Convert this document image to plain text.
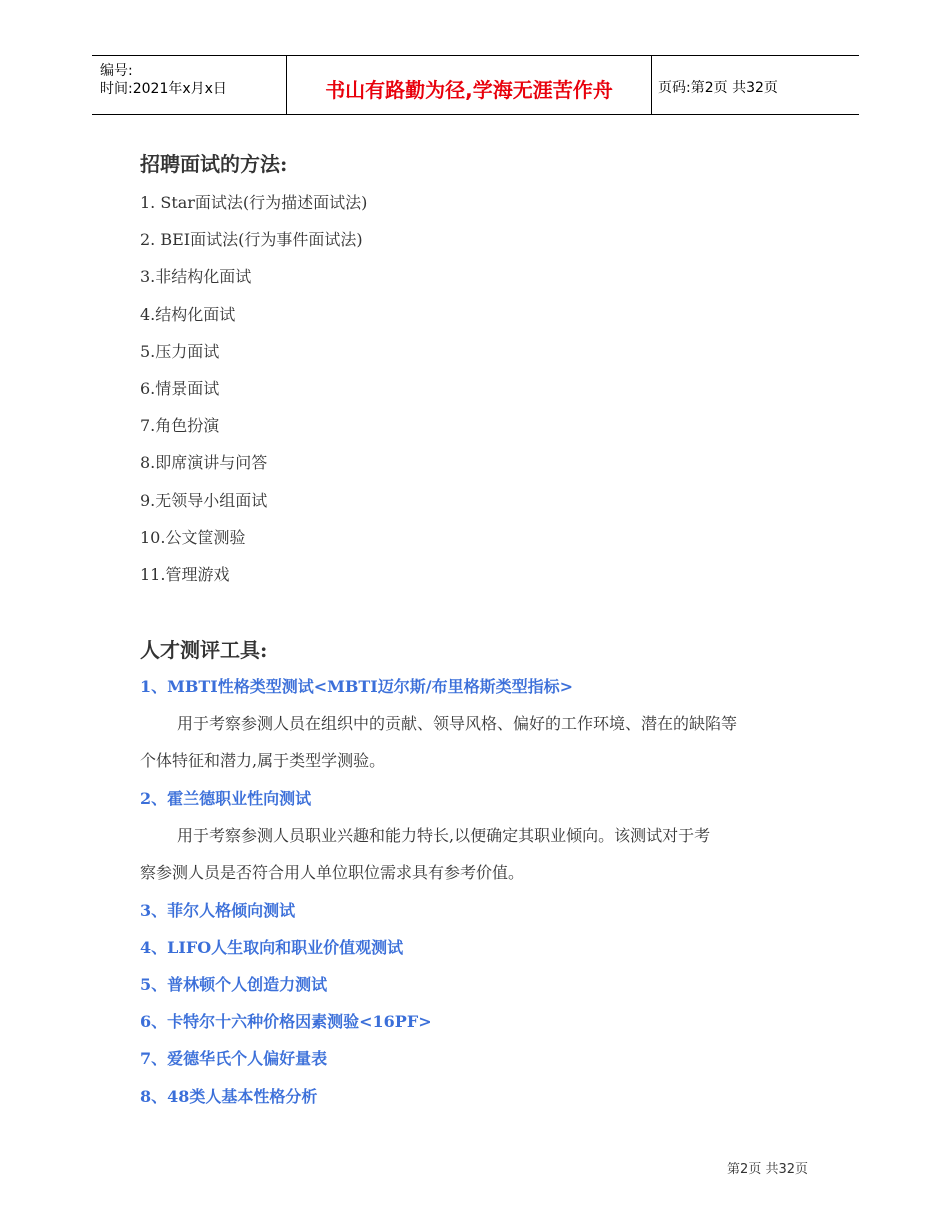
编号:
时间:2021年x月x日	书山有路勤为径,学海无涯苦作舟	页码:第2页 共32页
招聘面试的方法:
1. Star面试法(行为描述面试法)
2. BEI面试法(行为事件面试法)
3.非结构化面试
4.结构化面试
5.压力面试
6.情景面试
7.角色扮演
8.即席演讲与问答
9.无领导小组面试
10.公文筐测验
11.管理游戏
人才测评工具:
1、MBTI性格类型测试<MBTI迈尔斯/布里格斯类型指标>
用于考察参测人员在组织中的贡献、领导风格、偏好的工作环境、潜在的缺陷等
个体特征和潜力,属于类型学测验。
2、霍兰德职业性向测试
用于考察参测人员职业兴趣和能力特长,以便确定其职业倾向。该测试对于考
察参测人员是否符合用人单位职位需求具有参考价值。
3、菲尔人格倾向测试
4、LIFO人生取向和职业价值观测试
5、普林顿个人创造力测试
6、卡特尔十六种价格因素测验<16PF>
7、爱德华氏个人偏好量表
8、48类人基本性格分析
第2页 共32页
